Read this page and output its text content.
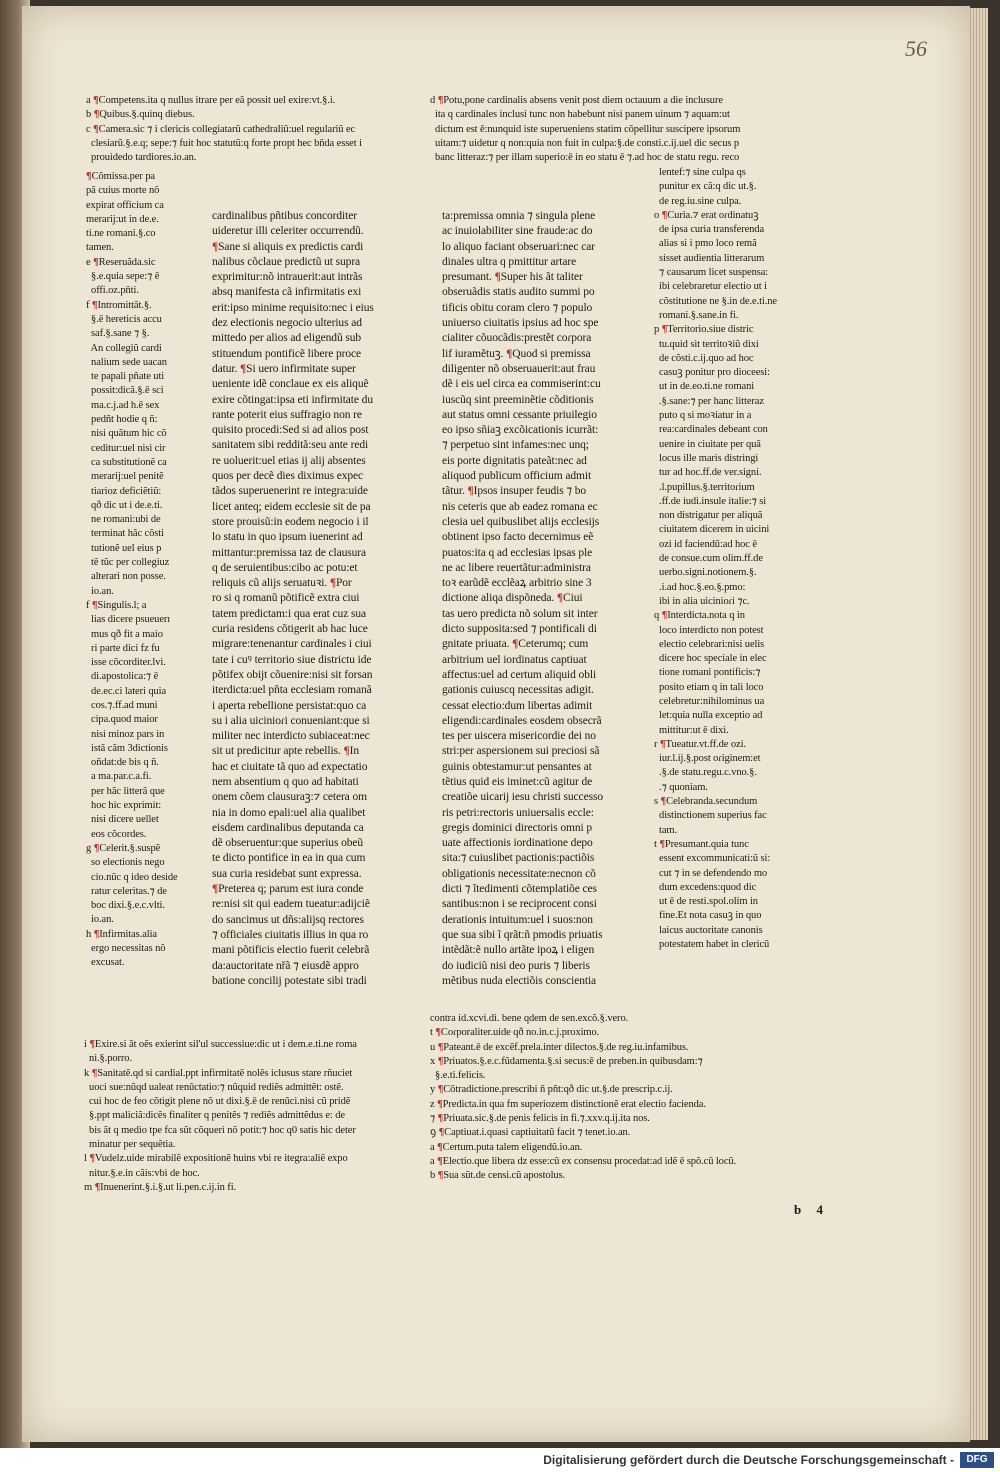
56
a ¶Competens.ita q nullus itrare per eã possit uel exire:vt.§.i.
b ¶Quibus.§.quinq diebus.
c ¶Camera.sic ⁊ i clericis collegiatarũ cathedraliũ:uel regulariũ ec
clesiarũ.§.e.q; sepe:⁊ fuit hoc statutũ:q forte propt hec bñda esset i
prouidedo tardiores.io.an.
d ¶Potu,pone cardinalis absens venit post diem octauum a die inclusure
ita q cardinales inclusi tunc non habebunt nisi panem uinum ⁊ aquam:ut
dictum est ē:nunquid iste superueniens statim cõpellitur suscipere ipsorum
uitam:⁊ uidetur q non:quia non fuit in culpa:§.de consti.c.ij.uel dic secus p
banc litteraz:⁊ per illam superio:ē in eo statu ē ⁊.ad hoc de statu regu. reco
¶Cõmissa.per pa
pã cuius morte nõ
expirat officium ca
merarij:ut in de.e.
ti.ne romani.§.co
tamen.
e ¶Reseruãda.sic
§.e.quia sepe:⁊ ē
offi.oz.pñti.
f ¶Intromittãt.§.
§.ē hereticis accu
saf.§.sane ⁊ §.
An collegiũ cardi
nalium sede uacan
te papali pñate uti
possit:dicã.§.ē sci
ma.c.j.ad h.ē sex
pedñt hodie q ñ:
nisi quãtum hic cõ
ceditur:uel nisi cir
ca substitutionẽ ca
merarij:uel penitẽ
tiarioz deficiẽtiũ:
qð dic ut i de.e.ti.
ne romani:ubi de
terminat hãc cõsti
tutionẽ uel eius p
tẽ tũc per collegiuz
alterari non posse.
io.an.
f ¶Singulis.l; a
lias dicere psueuerı
mus qð fit a maio
ri parte dici fz fu
isse cõcorditer.lvi.
di.apostolica:⁊ ē
de.ec.ci lateri quia
cos.⁊.ff.ad muni
cipa.quod maior
nisi minoz pars in
istã cãm 3dictionis
oñdat:de bis q ñ.
a ma.par.c.a.fi.
per hãc litterã que
hoc hic exprimit:
nisi dicere uellet
eos cõcordes.
g ¶Celerit.§.suspẽ
so electionis nego
cio.nũc q ideo deside
ratur celeritas.⁊ de
boc dixi.§.e.c.vlti.
io.an.
h ¶Infirmitas.alia
ergo necessitas nõ
excusat.
cardinalibus pñtibus concorditer
uideretur illi celeriter occurrendũ.
¶Sane si aliquis ex predictis cardi
nalibus cõclaue predictũ ut supra
exprimitur:nõ intrauerit:aut intrãs
absq manifesta cã infirmitatis exi
erit:ipso minime requisito:nec i eius
dez electionis negocio ulterius ad
mittedo per alios ad eligendũ sub
stituendum pontificẽ libere proce
datur. ¶Si uero infirmitate super
ueniente idẽ conclaue ex eis aliquẽ
exire cõtingat:ipsa eti infirmitate du
rante poterit eius suffragio non re
quisito procedi:Sed si ad alios post
sanitatem sibi redditã:seu ante redi
re uoluerit:uel etias ij alij absentes
quos per decẽ dies diximus expec
tãdos superuenerint re integra:uide
licet anteq; eidem ecclesie sit de pa
store prouisũ:in eodem negocio i il
lo statu in quo ipsum iuenerint ad
mittantur:premissa taz de clausura
q de seruientibus:cibo ac potu:et
reliquis cũ alijs seruatuꝛi. ¶Por
ro si q romanũ põtificẽ extra ciui
tatem predictam:i qua erat cuz sua
curia residens cõtigerit ab hac luce
migrare:tenenantur cardinales i ciui
tate i cuꝰ territorio siue districtu ide
põtifex obijt cõuenire:nisi sit forsan
iterdicta:uel pñta ecclesiam romanã
i aperta rebellione persistat:quo ca
su i alia uicinioɾi conueniant:que si
militer nec interdicto subiaceat:nec
sit ut predicitur apte rebellis. ¶In
hac et ciuitate tã quo ad expectatio
nem absentium q quo ad habitati
onem cõem clausuraꝫ:⁊ cetera om
nia in domo epali:uel alia qualibet
eisdem cardinalibus deputanda ca
dẽ obseruentur:que superius obeũ
te dicto pontifice in ea in qua cum
sua curia residebat sunt expressa.
¶Preterea q; parum est iura conde
re:nisi sit qui eadem tueatur:adijciẽ
do sancimus ut dñs:alijsq rectores
⁊ officiales ciuitatis illius in qua ro
mani põtificis electio fuerit celebrã
da:auctoritate nřã ⁊ eiusdẽ appro
batione concilij potestate sibi tradi
ta:premissa omnia ⁊ singula plene
ac inuiolabiliter sine fraude:ac do
lo aliquo faciant obseruari:nec car
dinales ultra q pmittitur artare
presumant. ¶Super his ãt taliter
obseruãdis statis audito summi po
tificis obitu coram clero ⁊ populo
uniuerso ciuitatis ipsius ad hoc spe
cialiter cõuocãdis:prestẽt coɾpora
lif iuramẽtuꝫ. ¶Quod si premissa
diligenter nõ obseruauerit:aut frau
dẽ i eis uel circa ea commiserint:cu
iuscũq sint preeminẽtie cõditionis
aut status omni cessante priuilegio
eo ipso sñiaꝫ excõicationis icurrãt:
⁊ perpetuo sint infames:nec unq;
eis porte dignitatis pateãt:nec ad
aliquod publicum officium admit
tãtur. ¶Ipsos insuper feudis ⁊ bo
nis ceteris que ab eadez romana ec
clesia uel quibuslibet alijs ecclesijs
obtinent ipso facto decernimus eẽ
puatos:ita q ad ecclesias ipsas ple
ne ac libere reuertãtur:administra
toꝛ earũdẽ ecclẽaꝝ arbitrio sine 3
dictione aliqa dispõneda. ¶Ciui
tas uero predicta nõ solum sit inter
dicto supposita:sed ⁊ pontificali di
gnitate priuata. ¶Ceterumq; cum
arbitrium uel iordinatus captiuat
affectus:uel ad certum aliquid obli
gationis cuiuscq necessitas adigit.
cessat electio:dum libertas adimit
eligendi:cardinales eosdem obsecrã
tes per uiscera misericordie dei no
stri:per aspersionem sui preciosi sã
guinis obtestamur:ut pensantes at
tẽtius quid eis iminet:cũ agitur de
creatiõe uicarij iesu christi successo
ris petri:rectoris uniuersalis eccle:
gregis dominici directoris omni p
uate affectionis iordinatione depo
sita:⁊ cuiuslibet pactionis:pactiõis
obligationis necessitate:necnon cõ
dicti ⁊ ĩtedimenti cõtemplatiõe ces
santibus:non i se reciprocent consi
derationis intuitum:uel i suos:non
que sua sibi ĩ qrãt:ñ pmodis priuatis
intẽdãt:ẽ nullo artãte ipoꝝ i eligen
do iudiciũ nisi deo puris ⁊ liberis
mẽtibus nuda electiõis conscientia
lentef:⁊ sine culpa qs
punitur ex cã:q dic ut.§.
de reg.iu.sine culpa.
o ¶Curia.⁊ erat oɾdinatuꝫ
de ipsa curia transferenda
alias si i pmo loco remã
sisset audientia litterarum
⁊ causarum licet suspensa:
ibi celebraretur electio ut i
cõstitutione ne §.in de.e.ti.ne
romani.§.sane.in fi.
p ¶Territorio.siue distric
tu.quid sit territoꝛiũ dixi
de cõsti.c.ij.quo ad hoc
casuꝫ ponitur pro dioceesi:
ut in de.eo.ti.ne romani
.§.sane:⁊ per hanc litteraz
puto q si moꝛiatur in a
rea:cardinales debeant con
uenire in ciuitate per quã
locus ille maris distringi
tur ad hoc.ff.de ver.signi.
.l.pupillus.§.territoɾium
.ff.de iudi.insule italie:⁊ si
non distrigatur per aliquã
ciuitatem dicerem in uicini
ozi id faciendũ:ad hoc ē
de consue.cum olim.ff.de
uerbo.signi.notionem.§.
.i.ad hoc.§.eo.§.pmo:
ibi in alia uicinioɾi ⁊c.
q ¶Interdicta.nota q in
loco interdicto non potest
electio celebrari:nisi uelis
dicere hoc speciale in elec
tione romani pontificis:⁊
posito etiam q in tali loco
celebretur:nihilominus ua
let:quia nulla exceptio ad
mittitur:ut ē dixi.
r ¶Tueatur.vt.ff.de ozi.
iur.l.ij.§.post oɾiginem:et
.§.de statu.regu.c.vno.§.
.⁊ quoniam.
s ¶Celebranda.secundum
distinctionem superius fac
tam.
t ¶Presumant.quia tunc
essent excommunicati:ũ si:
cut ⁊ in se defendendo mo
dum excedens:quod dic
ut ē de resti.spol.olim in
fine.Et nota casuꝫ in quo
laicus auctoritate canonis
potestatem habet in clericũ
i ¶Exire.si ãt oẽs exierint sil'ul successiue:dic ut i dem.e.ti.ne roma
ni.§.porro.
k ¶Sanitatẽ.qd si cardial.ppt infirmitatẽ nolẽs iclusus stare rñuciet
uoci sue:nũqd ualeat renũctatio:⁊ nũquid rediẽs admittẽt: ostẽ.
cui hoc de feo cõtigit plene nõ ut dixi.§.ē de renũci.nisi cũ pridẽ
§.ppt maliciã:dicẽs finaliter q penitẽs ⁊ rediẽs admittẽdus e: de
bis ãt q medio tpe fca sũt cõqueri nõ potit:⁊ hoc q0 satis hic deter
minatur per sequẽtia.
l ¶Vudelz.uide mirabilẽ expositionẽ huins vbi re itegra:aliẽ expo
nitur.§.e.in cãis:vbi de hoc.
m ¶Inuenerint.§.i.§.ut li.pen.c.ij.in fi.
contra id.xcvi.di. bene qdem de sen.excõ.§.vero.
t ¶Coɾporaliter.uide qð no.in.c.j.proximo.
u ¶Pateant.ē de excẽf.prela.inter dilectos.§.de reg.iu.infamibus.
x ¶Priuatos.§.e.c.fũdamenta.§.si secus:ē de preben.in quibusdam:⁊
§.e.ti.felicis.
y ¶Cõtradictione.prescribi ñ pñt:qð dic ut.§.de prescrip.c.ij.
z ¶Predicta.in qua fm superiozem distinctionẽ erat electio facienda.
⁊ ¶Priuata.sic.§.de penis felicis in fi.⁊.xxv.q.ij.ita nos.
ꝯ ¶Captiuat.i.quasi captiuitatũ facit ⁊ tenet.io.an.
a ¶Certum.puta talem eligendũ.io.an.
a ¶Electio.que libera dz esse:cũ ex consensu procedat:ad idẽ ē spõ.cũ locũ.
b ¶Sua sũt.de censi.cũ apostolus.
b 4
Digitalisierung gefördert durch die Deutsche Forschungsgemeinschaft -	DFG
